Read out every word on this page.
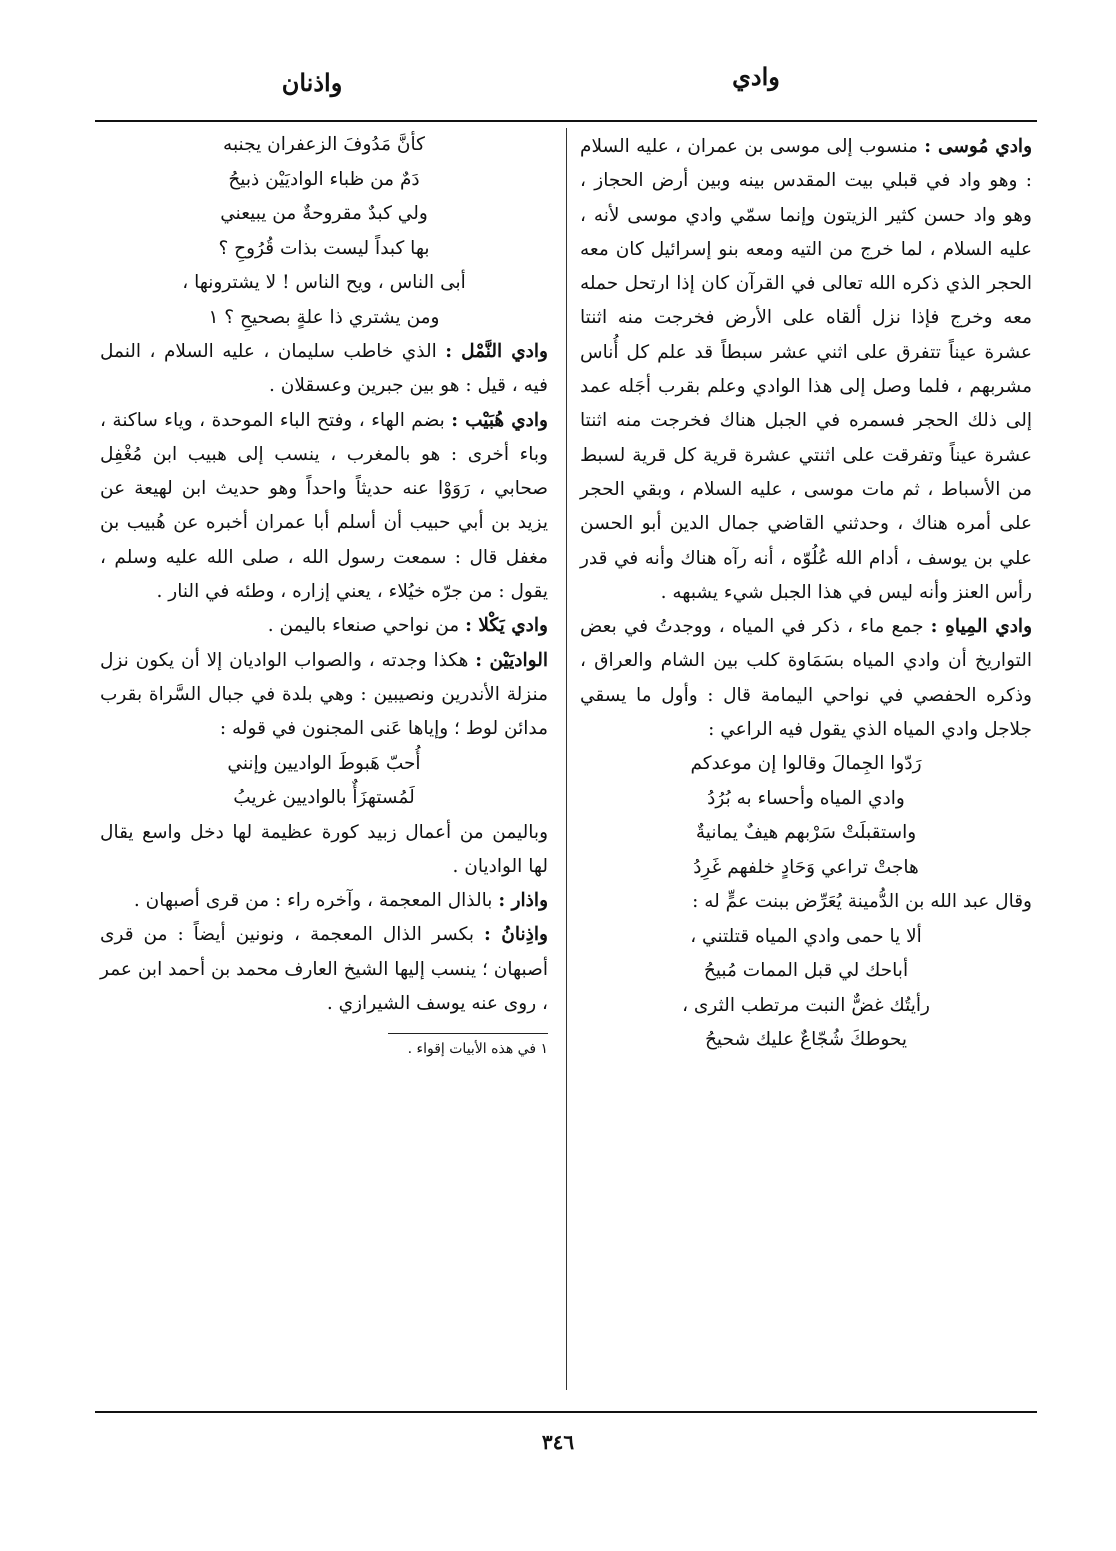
وادي
واذنان

وادي مُوسى : منسوب إلى موسى بن عمران ، عليه السلام : وهو واد في قبلي بيت المقدس بينه وبين أرض الحجاز ، وهو واد حسن كثير الزيتون وإنما سمّي وادي موسى لأنه ، عليه السلام ، لما خرج من التيه ومعه بنو إسرائيل كان معه الحجر الذي ذكره الله تعالى في القرآن كان إذا ارتحل حمله معه وخرج فإذا نزل ألقاه على الأرض فخرجت منه اثنتا عشرة عيناً تتفرق على اثني عشر سبطاً قد علم كل أُناس مشربهم ، فلما وصل إلى هذا الوادي وعلم بقرب أجَله عمد إلى ذلك الحجر فسمره في الجبل هناك فخرجت منه اثنتا عشرة عيناً وتفرقت على اثنتي عشرة قرية كل قرية لسبط من الأسباط ، ثم مات موسى ، عليه السلام ، وبقي الحجر على أمره هناك ، وحدثني القاضي جمال الدين أبو الحسن علي بن يوسف ، أدام الله عُلُوّه ، أنه رآه هناك وأنه في قدر رأس العنز وأنه ليس في هذا الجبل شيء يشبهه .

وادي المِياهِ : جمع ماء ، ذكر في المياه ، ووجدتُ في بعض التواريخ أن وادي المياه بسَمَاوة كلب بين الشام والعراق ، وذكره الحفصي في نواحي اليمامة قال : وأول ما يسقي جلاجل وادي المياه الذي يقول فيه الراعي :

رَدّوا الجِمالَ وقالوا إن موعدكم

وادي المياه وأحساء به بُرُدُ

واستقبلَتْ سَرْبهم هيفٌ يمانيةٌ

هاجتْ تراعي وَحَادٍ خلفهم غَرِدُ

وقال عبد الله بن الدُّمينة يُعَرِّض ببنت عمٍّ له :

ألا يا حمى وادي المياه قتلتني ،

أباحك لي قبل الممات مُبيحُ

رأيتُك غضٌّ النبت مرتطب الثرى ،

يحوطكَ شُجّاعٌ عليك شحيحُ

كأنَّ مَدُوفَ الزعفران يجنبه

دَمٌ من ظباء الواديَيْن ذبيحُ

ولي كبدٌ مقروحةٌ من يبيعني

بها كبداً ليست بذات قُرُوحِ ؟

أبى الناس ، ويح الناس ! لا يشترونها ،

ومن يشتري ذا علةٍ بصحيحِ ؟ ١

وادي النَّمْل : الذي خاطب سليمان ، عليه السلام ، النمل فيه ، قيل : هو بين جبرين وعسقلان .

وادي هُبَيْب : بضم الهاء ، وفتح الباء الموحدة ، وياء ساكنة ، وباء أخرى : هو بالمغرب ، ينسب إلى هبيب ابن مُغْفِل صحابي ، رَوَوْا عنه حديثاً واحداً وهو حديث ابن لهيعة عن يزيد بن أبي حبيب أن أسلم أبا عمران أخبره عن هُبيب بن مغفل قال : سمعت رسول الله ، صلى الله عليه وسلم ، يقول : من جرّه خيُلاء ، يعني إزاره ، وطئه في النار .

وادي يَكْلا : من نواحي صنعاء باليمن .

الواديَيْن : هكذا وجدته ، والصواب الواديان إلا أن يكون نزل منزلة الأندرين ونصيبين : وهي بلدة في جبال السَّراة بقرب مدائن لوط ؛ وإياها عَنى المجنون في قوله :

أُحبّ هَبوطَ الواديين وإنني

لَمُستهزَأٌ بالواديين غريبُ

وباليمن من أعمال زبيد كورة عظيمة لها دخل واسع يقال لها الواديان .

واذار : بالذال المعجمة ، وآخره راء : من قرى أصبهان .

واذِنانُ : بكسر الذال المعجمة ، ونونين أيضاً : من قرى أصبهان ؛ ينسب إليها الشيخ العارف محمد بن أحمد ابن عمر ، روى عنه يوسف الشيرازي .

١ في هذه الأبيات إقواء .

٣٤٦
